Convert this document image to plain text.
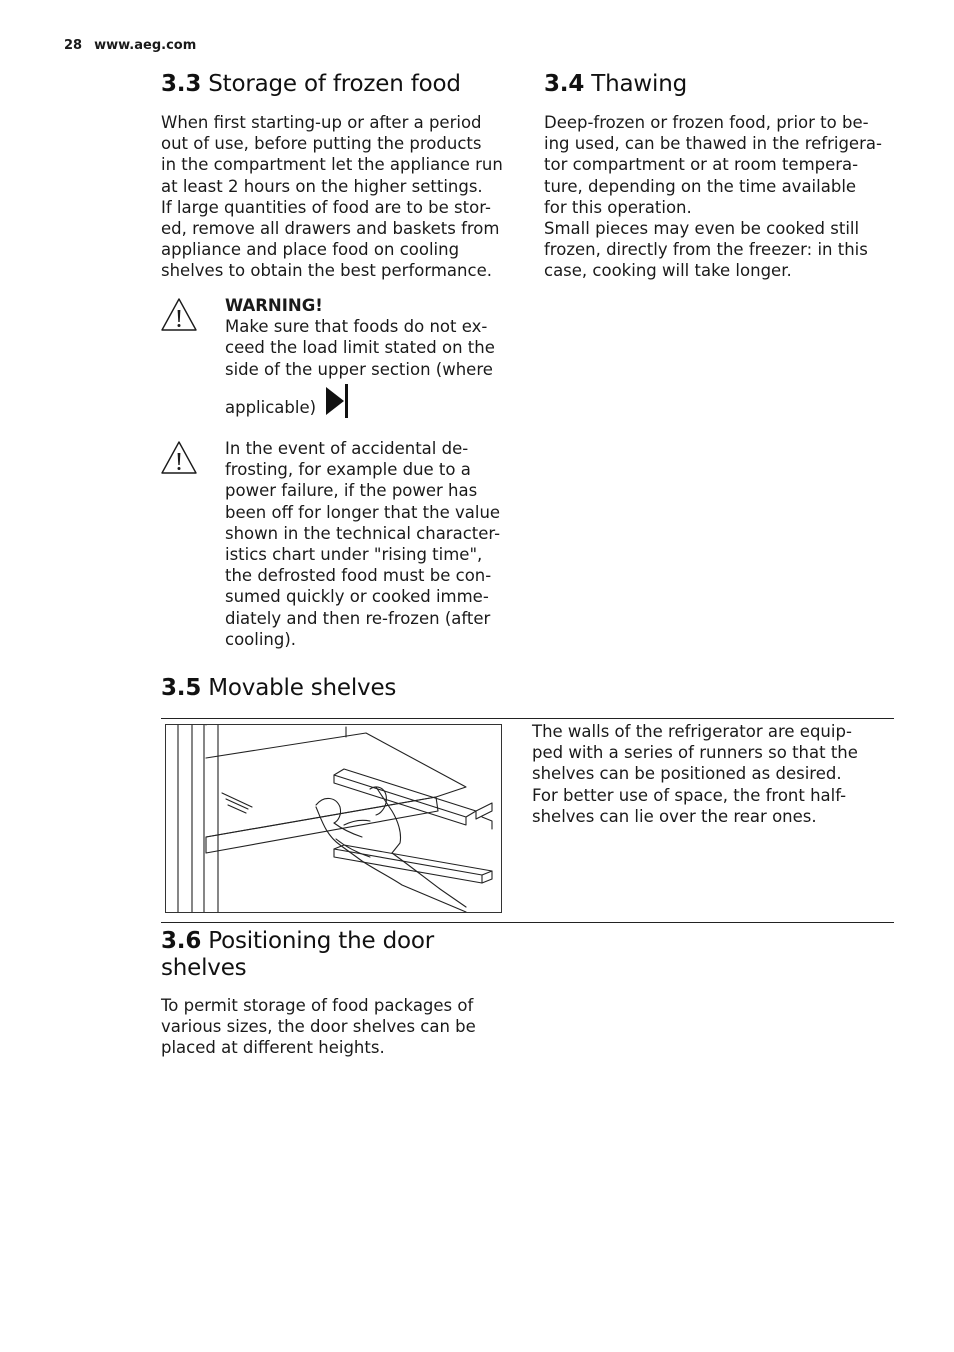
28 www.aeg.com
3.3 Storage of frozen food

When first starting-up or after a period

out of use, before putting the products

in the compartment let the appliance run

at least 2 hours on the higher settings.

If large quantities of food are to be stor-

ed, remove all drawers and baskets from

appliance and place food on cooling

shelves to obtain the best performance.

WARNING!

Make sure that foods do not ex-

ceed the load limit stated on the

side of the upper section (where

applicable)

In the event of accidental de-

frosting, for example due to a

power failure, if the power has

been off for longer that the value

shown in the technical character-

istics chart under "rising time",

the defrosted food must be con-

sumed quickly or cooked imme-

diately and then re-frozen (after

cooling).

3.4 Thawing

Deep-frozen or frozen food, prior to be-

ing used, can be thawed in the refrigera-

tor compartment or at room tempera-

ture, depending on the time available

for this operation.

Small pieces may even be cooked still

frozen, directly from the freezer: in this

case, cooking will take longer.

3.5 Movable shelves

The walls of the refrigerator are equip-

ped with a series of runners so that the

shelves can be positioned as desired.

For better use of space, the front half-

shelves can lie over the rear ones.

3.6 Positioning the door
shelves

To permit storage of food packages of

various sizes, the door shelves can be

placed at different heights.
